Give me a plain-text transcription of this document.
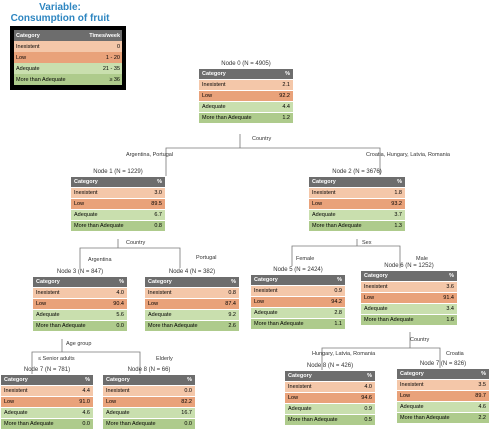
Variable:
Consumption of fruit
Category	Times/week
Inexistent	0
Low	1 - 20
Adequate	21 - 35
More than Adequate	≥ 36
Country
Argentina, Portugal	Croatia, Hungary, Latvia, Romania
Country
Argentina	Portugal
Sex
Female	Male
Age group
≤ Senior adults	Elderly
Country
Hungary, Latvia, Romania	Croatia
Node 0 (N = 4905)
Category	%
Inexistent	2.1
Low	92.2
Adequate	4.4
More than Adequate	1.2
Node 1 (N = 1229)
Category	%
Inexistent	3.0
Low	89.5
Adequate	6.7
More than Adequate	0.8
Node 2 (N = 3676)
Category	%
Inexistent	1.8
Low	93.2
Adequate	3.7
More than Adequate	1.3
Node 3 (N = 847)
Category	%
Inexistent	4.0
Low	90.4
Adequate	5.6
More than Adequate	0.0
Node 4 (N = 382)
Category	%
Inexistent	0.8
Low	87.4
Adequate	9.2
More than Adequate	2.6
Node 5 (N = 2424)
Category	%
Inexistent	0.9
Low	94.2
Adequate	2.8
More than Adequate	1.1
Node 6 (N = 1252)
Category	%
Inexistent	3.6
Low	91.4
Adequate	3.4
More than Adequate	1.6
Node 7 (N = 781)
Category	%
Inexistent	4.4
Low	91.0
Adequate	4.6
More than Adequate	0.0
Node 8 (N = 66)
Category	%
Inexistent	0.0
Low	82.2
Adequate	16.7
More than Adequate	0.0
Node 8 (N = 426)
Category	%
Inexistent	4.0
Low	94.6
Adequate	0.9
More than Adequate	0.5
Node 7 (N = 826)
Category	%
Inexistent	3.5
Low	89.7
Adequate	4.6
More than Adequate	2.2
